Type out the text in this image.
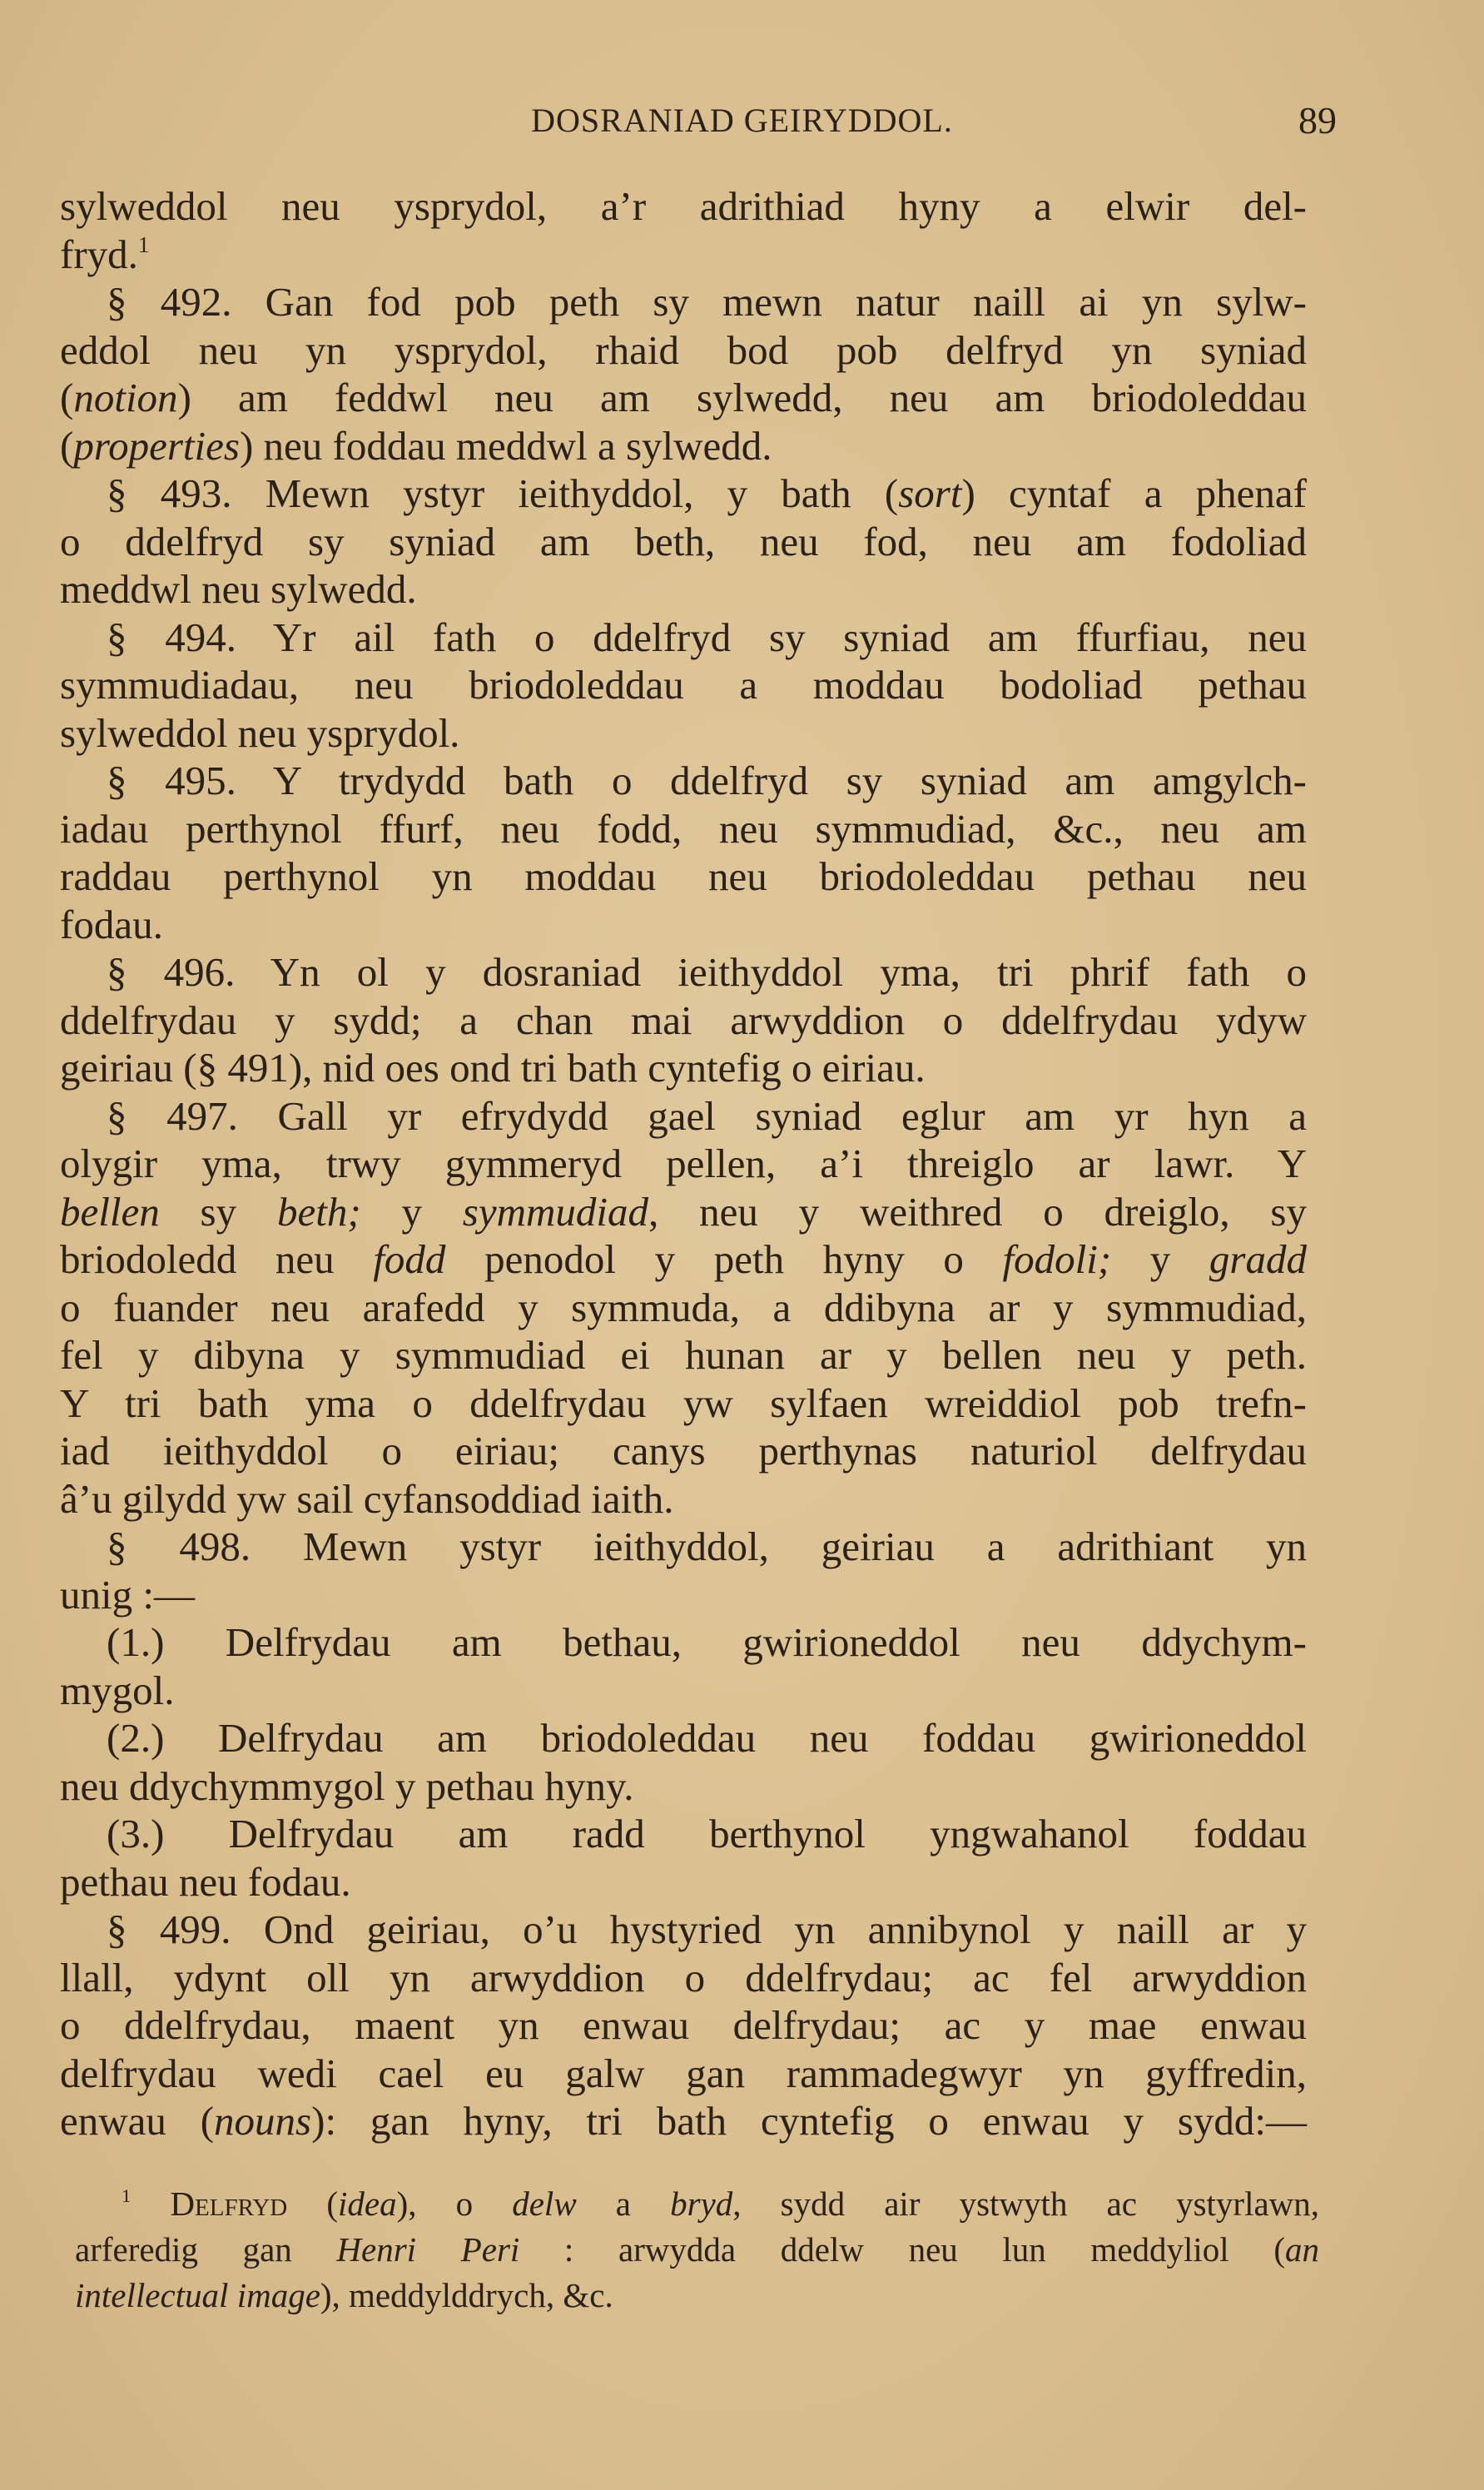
DOSRANIAD GEIRYDDOL.	89
sylweddol neu ysprydol, a’r adrithiad hyny a elwir del-
fryd.$^1$
§ 492. Gan fod pob peth sy mewn natur naill ai yn sylw-
eddol neu yn ysprydol, rhaid bod pob delfryd yn syniad
(notion) am feddwl neu am sylwedd, neu am briodoleddau
(properties) neu foddau meddwl a sylwedd.
§ 493. Mewn ystyr ieithyddol, y bath (sort) cyntaf a phenaf
o ddelfryd sy syniad am beth, neu fod, neu am fodoliad
meddwl neu sylwedd.
§ 494. Yr ail fath o ddelfryd sy syniad am ffurfiau, neu
symmudiadau, neu briodoleddau a moddau bodoliad pethau
sylweddol neu ysprydol.
§ 495. Y trydydd bath o ddelfryd sy syniad am amgylch-
iadau perthynol ffurf, neu fodd, neu symmudiad, &c., neu am
raddau perthynol yn moddau neu briodoleddau pethau neu
fodau.
§ 496. Yn ol y dosraniad ieithyddol yma, tri phrif fath o
ddelfrydau y sydd; a chan mai arwyddion o ddelfrydau ydyw
geiriau (§ 491), nid oes ond tri bath cyntefig o eiriau.
§ 497. Gall yr efrydydd gael syniad eglur am yr hyn a
olygir yma, trwy gymmeryd pellen, a’i threiglo ar lawr. Y
bellen sy beth; y symmudiad, neu y weithred o dreiglo, sy
briodoledd neu fodd penodol y peth hyny o fodoli; y gradd
o fuander neu arafedd y symmuda, a ddibyna ar y symmudiad,
fel y dibyna y symmudiad ei hunan ar y bellen neu y peth.
Y tri bath yma o ddelfrydau yw sylfaen wreiddiol pob trefn-
iad ieithyddol o eiriau; canys perthynas naturiol delfrydau
â’u gilydd yw sail cyfansoddiad iaith.
§ 498. Mewn ystyr ieithyddol, geiriau a adrithiant yn
unig :—
(1.) Delfrydau am bethau, gwirioneddol neu ddychym-
mygol.
(2.) Delfrydau am briodoleddau neu foddau gwirioneddol
neu ddychymmygol y pethau hyny.
(3.) Delfrydau am radd berthynol yngwahanol foddau
pethau neu fodau.
§ 499. Ond geiriau, o’u hystyried yn annibynol y naill ar y
llall, ydynt oll yn arwyddion o ddelfrydau; ac fel arwyddion
o ddelfrydau, maent yn enwau delfrydau; ac y mae enwau
delfrydau wedi cael eu galw gan rammadegwyr yn gyffredin,
enwau (nouns): gan hyny, tri bath cyntefig o enwau y sydd:—
$^1$ Delfryd (idea), o delw a bryd, sydd air ystwyth ac ystyrlawn,
arferedig gan Henri Peri : arwydda ddelw neu lun meddyliol (an
intellectual image), meddylddrych, &c.
